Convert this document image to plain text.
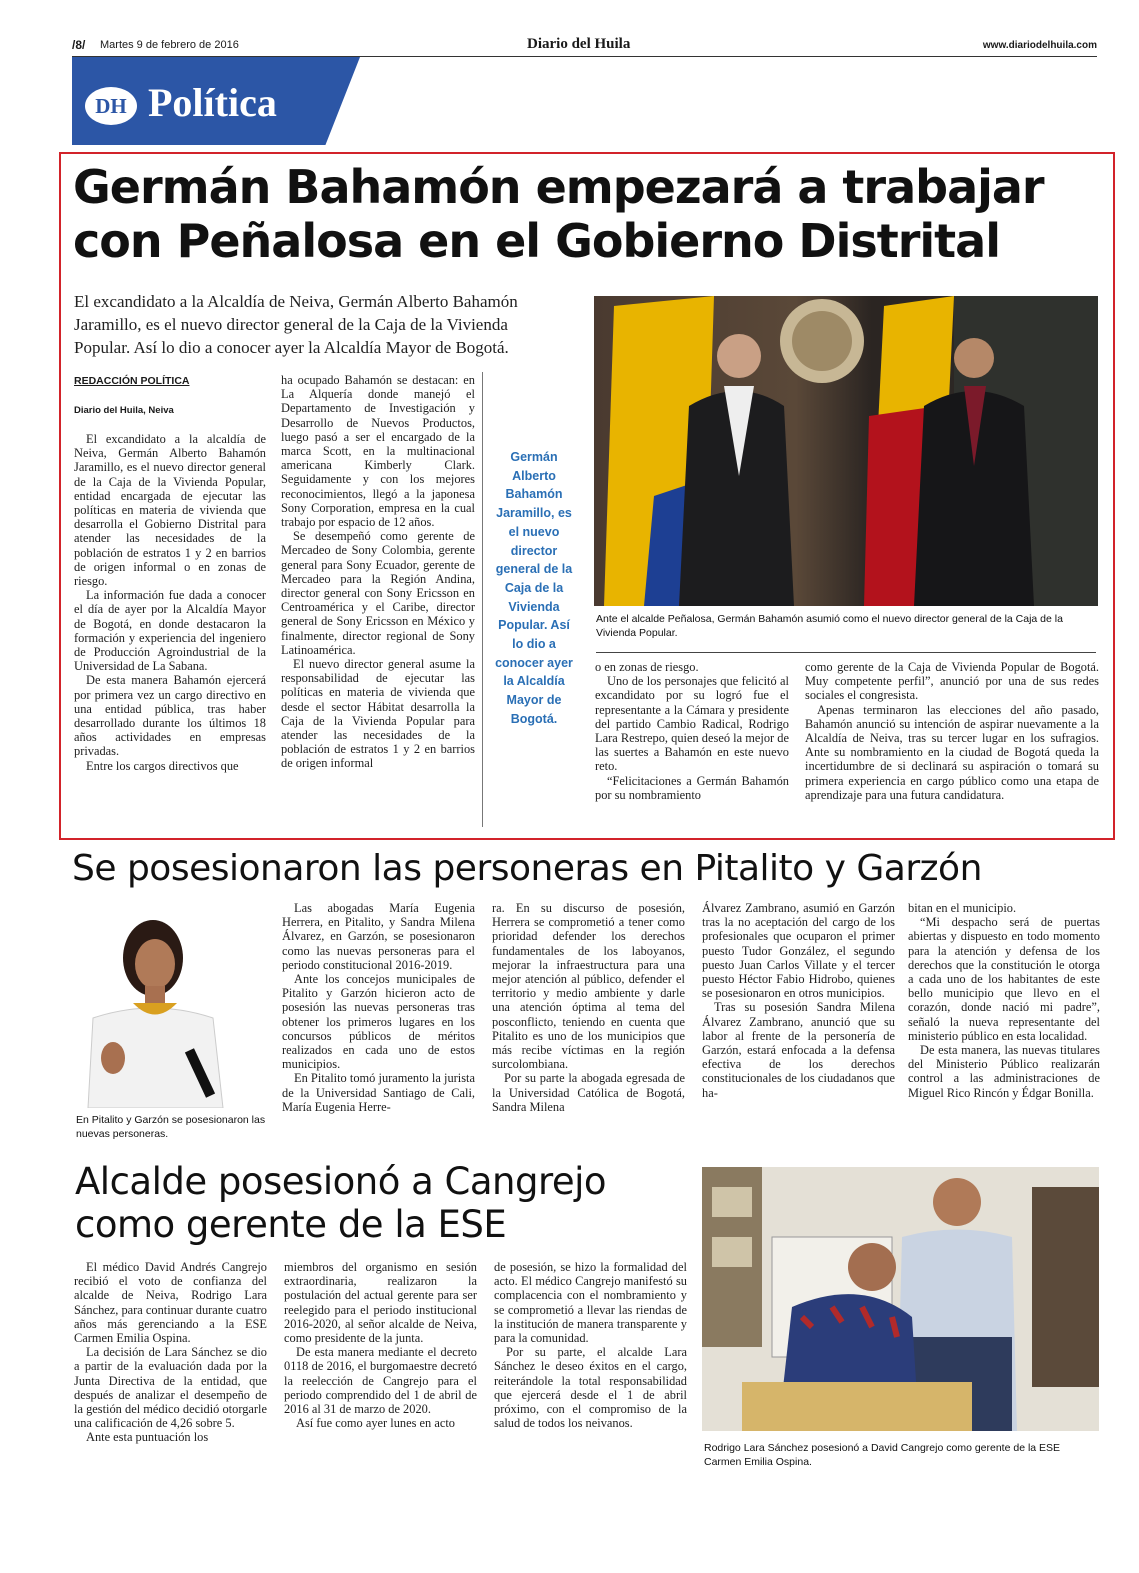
/8/ Martes 9 de febrero de 2016	Diario del Huila	www.diariodelhuila.com
DH Política
Germán Bahamón empezará a trabajar
con Peñalosa en el Gobierno Distrital
El excandidato a la Alcaldía de Neiva, Germán Alberto Bahamón Jaramillo, es el nuevo director general de la Caja de la Vivienda Popular. Así lo dio a conocer ayer la Alcaldía Mayor de Bogotá.
REDACCIÓN POLÍTICA
Diario del Huila, Neiva

El excandidato a la alcaldía de Neiva, Germán Alberto Bahamón Jaramillo, es el nuevo director general de la Caja de la Vivienda Popular, entidad encargada de ejecutar las políticas en materia de vivienda que desarrolla el Gobierno Distrital para atender las necesidades de la población de estratos 1 y 2 en barrios de origen informal o en zonas de riesgo.

La información fue dada a conocer el día de ayer por la Alcaldía Mayor de Bogotá, en donde destacaron la formación y experiencia del ingeniero de Producción Agroindustrial de la Universidad de La Sabana.

De esta manera Bahamón ejercerá por primera vez un cargo directivo en una entidad pública, tras haber desarrollado durante los últimos 18 años actividades en empresas privadas.

Entre los cargos directivos que

ha ocupado Bahamón se destacan: en La Alquería donde manejó el Departamento de Investigación y Desarrollo de Nuevos Productos, luego pasó a ser el encargado de la marca Scott, en la multinacional americana Kimberly Clark. Seguidamente y con los mejores reconocimientos, llegó a la japonesa Sony Corporation, empresa en la cual trabajo por espacio de 12 años.

Se desempeñó como gerente de Mercadeo de Sony Colombia, gerente general para Sony Ecuador, gerente de Mercadeo para la Región Andina, director general con Sony Ericsson en Centroamérica y el Caribe, director general de Sony Ericsson en México y finalmente, director regional de Sony Latinoamérica.

El nuevo director general asume la responsabilidad de ejecutar las políticas en materia de vivienda que desde el sector Hábitat desarrolla la Caja de la Vivienda Popular para atender las necesidades de la población de estratos 1 y 2 en barrios de origen informal

Germán Alberto Bahamón Jaramillo, es el nuevo director general de la Caja de la Vivienda Popular. Así lo dio a conocer ayer la Alcaldía Mayor de Bogotá.
Ante el alcalde Peñalosa, Germán Bahamón asumió como el nuevo director general de la Caja de la Vivienda Popular.

o en zonas de riesgo.

Uno de los personajes que felicitó al excandidato por su logró fue el representante a la Cámara y presidente del partido Cambio Radical, Rodrigo Lara Restrepo, quien deseó la mejor de las suertes a Bahamón en este nuevo reto.

“Felicitaciones a Germán Bahamón por su nombramiento

como gerente de la Caja de Vivienda Popular de Bogotá. Muy competente perfil”, anunció por una de sus redes sociales el congresista.

Apenas terminaron las elecciones del año pasado, Bahamón anunció su intención de aspirar nuevamente a la Alcaldía de Neiva, tras su tercer lugar en los sufragios. Ante su nombramiento en la ciudad de Bogotá queda la incertidumbre de si declinará su aspiración o tomará su primera experiencia en cargo público como una etapa de aprendizaje para una futura candidatura.

Se posesionaron las personeras en Pitalito y Garzón
En Pitalito y Garzón se posesionaron las nuevas personeras.

Las abogadas María Eugenia Herrera, en Pitalito, y Sandra Milena Álvarez, en Garzón, se posesionaron como las nuevas personeras para el periodo constitucional 2016-2019.

Ante los concejos municipales de Pitalito y Garzón hicieron acto de posesión las nuevas personeras tras obtener los primeros lugares en los concursos públicos de méritos realizados en cada uno de estos municipios.

En Pitalito tomó juramento la jurista de la Universidad Santiago de Cali, María Eugenia Herre-

ra. En su discurso de posesión, Herrera se comprometió a tener como prioridad defender los derechos fundamentales de los laboyanos, mejorar la infraestructura para una mejor atención al público, defender el territorio y medio ambiente y darle una atención óptima al tema del posconflicto, teniendo en cuenta que Pitalito es uno de los municipios que más recibe víctimas en la región surcolombiana.

Por su parte la abogada egresada de la Universidad Católica de Bogotá, Sandra Milena

Álvarez Zambrano, asumió en Garzón tras la no aceptación del cargo de los profesionales que ocuparon el primer puesto Tudor González, el segundo puesto Juan Carlos Villate y el tercer puesto Héctor Fabio Hidrobo, quienes se posesionaron en otros municipios.

Tras su posesión Sandra Milena Álvarez Zambrano, anunció que su labor al frente de la personería de Garzón, estará enfocada a la defensa efectiva de los derechos constitucionales de los ciudadanos que ha-

bitan en el municipio.

“Mi despacho será de puertas abiertas y dispuesto en todo momento para la atención y defensa de los derechos que la constitución le otorga a cada uno de los habitantes de este bello municipio que llevo en el corazón, donde nació mi padre”, señaló la nueva representante del ministerio público en esta localidad.

De esta manera, las nuevas titulares del Ministerio Público realizarán control a las administraciones de Miguel Rico Rincón y Édgar Bonilla.

Alcalde posesionó a Cangrejo
como gerente de la ESE

El médico David Andrés Cangrejo recibió el voto de confianza del alcalde de Neiva, Rodrigo Lara Sánchez, para continuar durante cuatro años más gerenciando a la ESE Carmen Emilia Ospina.

La decisión de Lara Sánchez se dio a partir de la evaluación dada por la Junta Directiva de la entidad, que después de analizar el desempeño de la gestión del médico decidió otorgarle una calificación de 4,26 sobre 5.

Ante esta puntuación los

miembros del organismo en sesión extraordinaria, realizaron la postulación del actual gerente para ser reelegido para el periodo institucional 2016-2020, al señor alcalde de Neiva, como presidente de la junta.

De esta manera mediante el decreto 0118 de 2016, el burgomaestre decretó la reelección de Cangrejo para el periodo comprendido del 1 de abril de 2016 al 31 de marzo de 2020.

Así fue como ayer lunes en acto

de posesión, se hizo la formalidad del acto. El médico Cangrejo manifestó su complacencia con el nombramiento y se comprometió a llevar las riendas de la institución de manera transparente y para la comunidad.

Por su parte, el alcalde Lara Sánchez le deseo éxitos en el cargo, reiterándole la total responsabilidad que ejercerá desde el 1 de abril próximo, con el compromiso de la salud de todos los neivanos.

Rodrigo Lara Sánchez posesionó a David Cangrejo como gerente de la ESE Carmen Emilia Ospina.
